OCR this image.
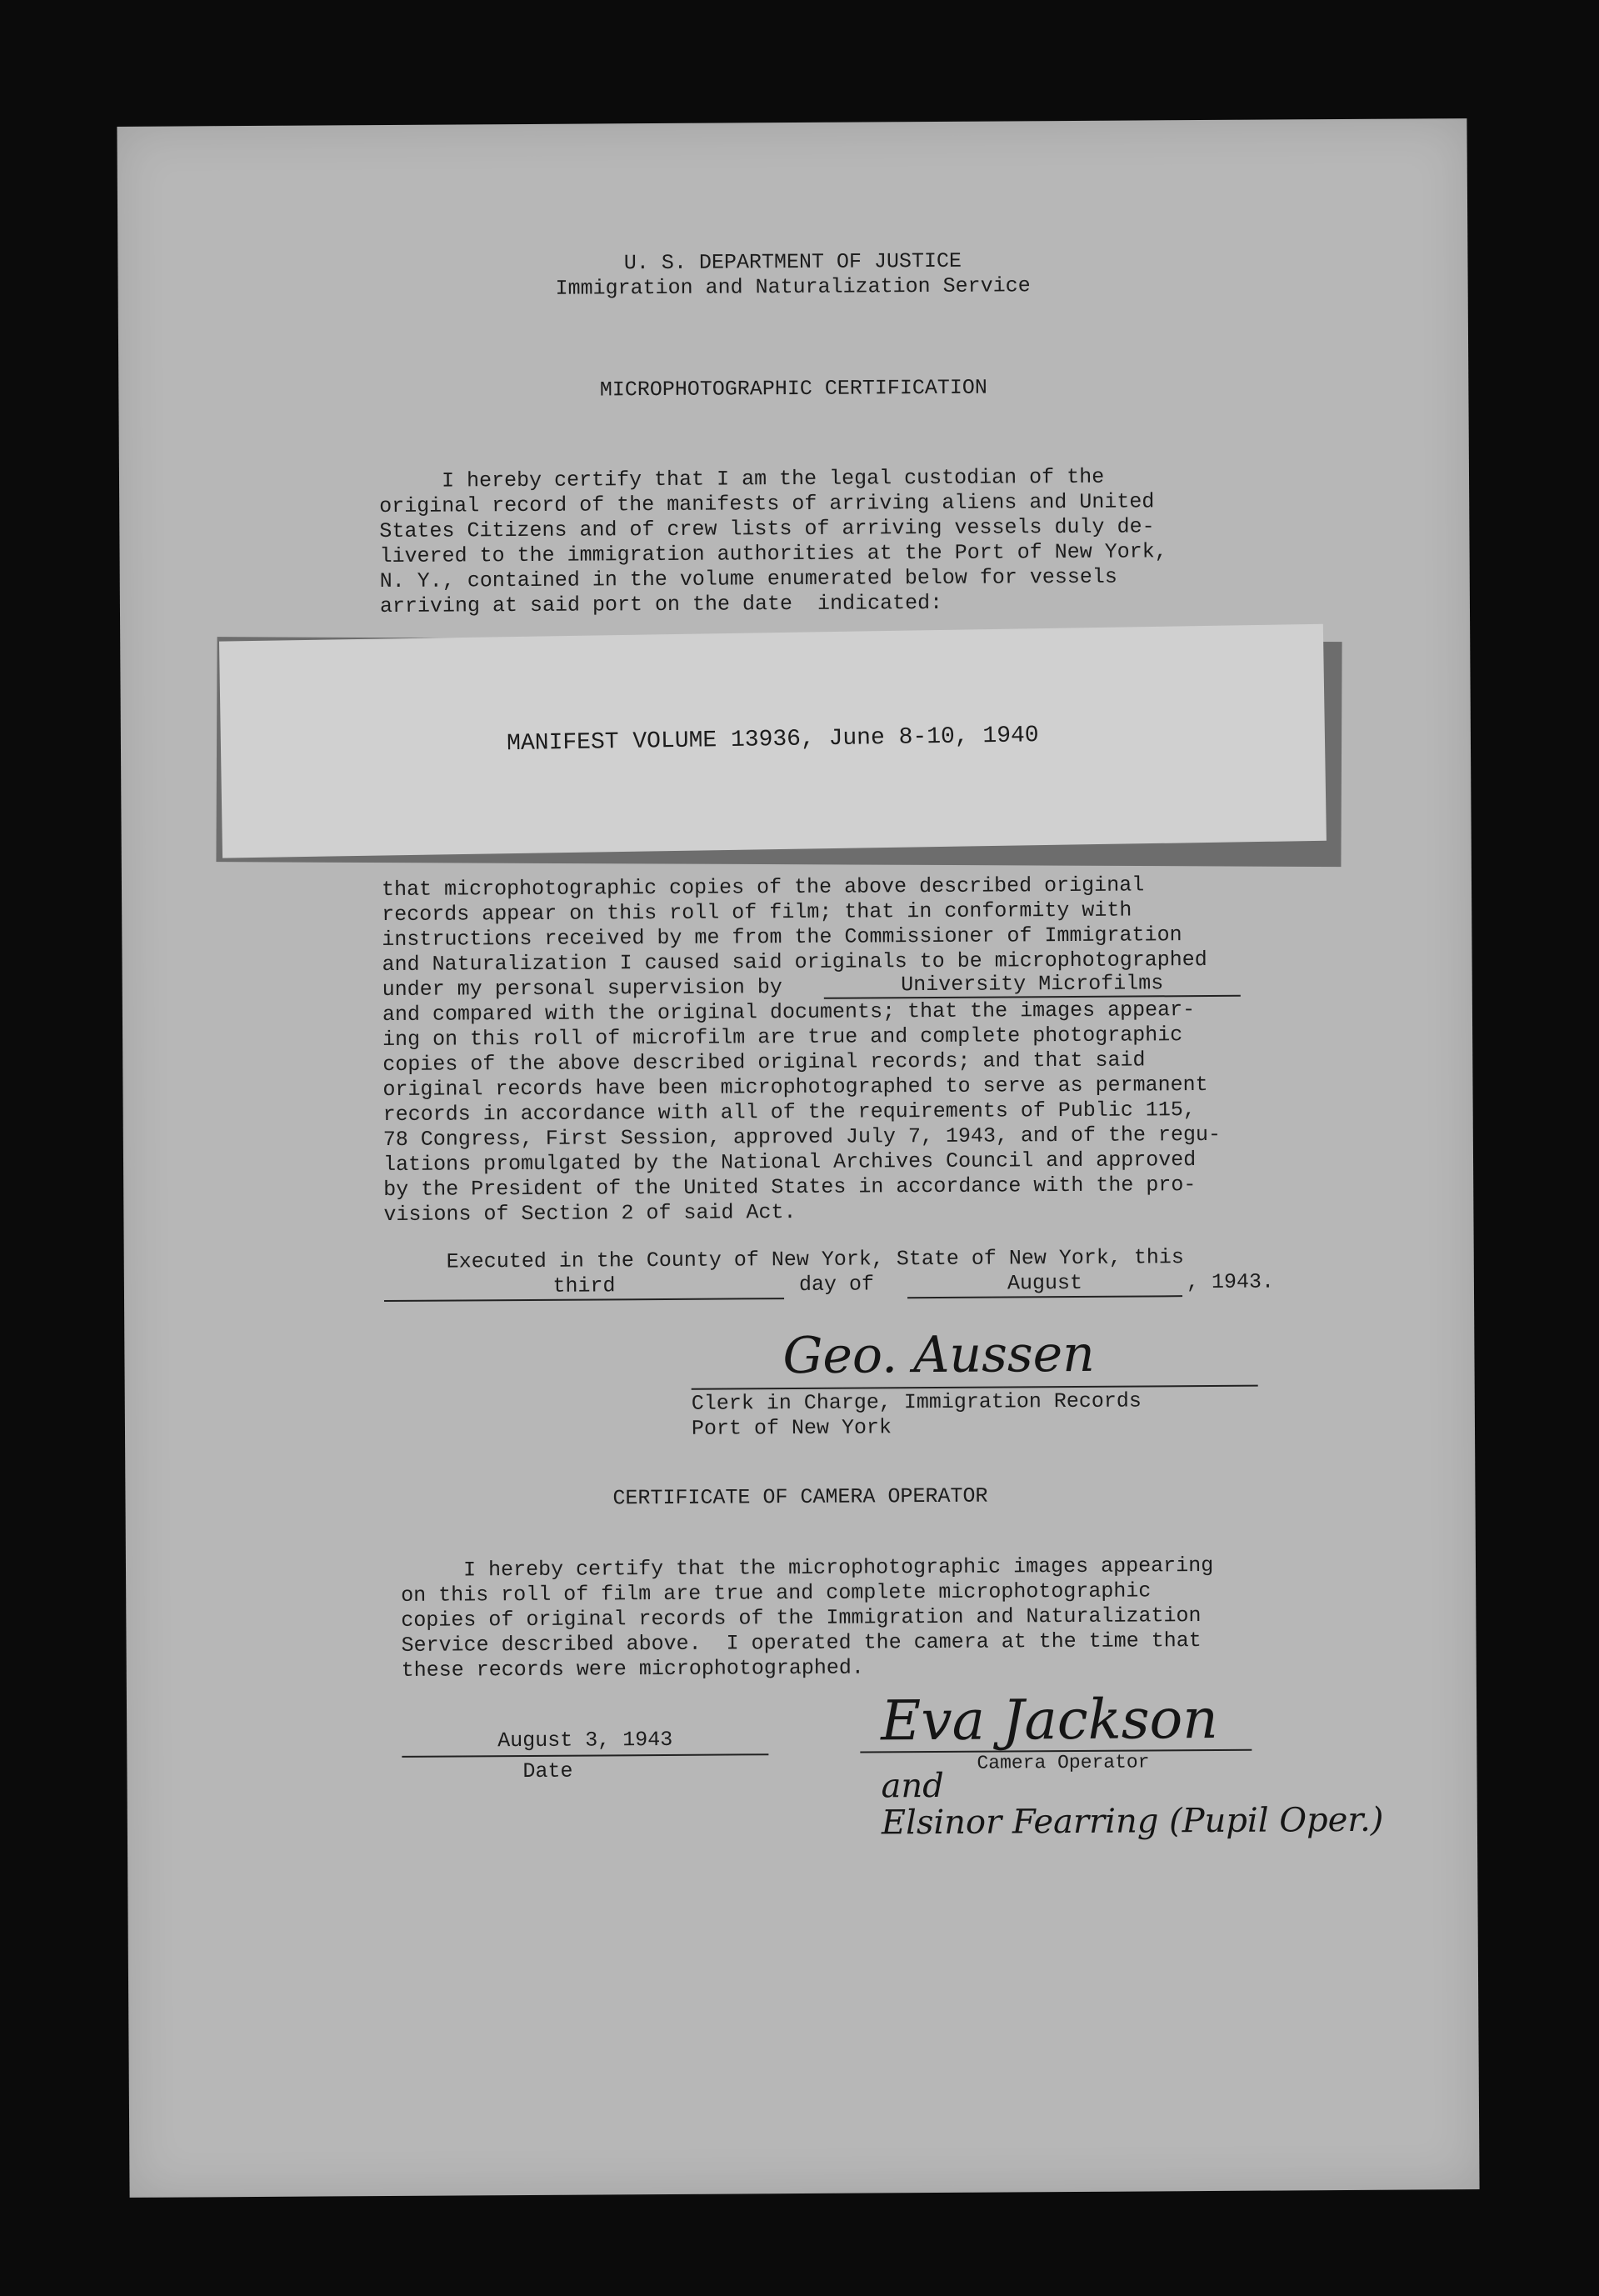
U. S. DEPARTMENT OF JUSTICE
Immigration and Naturalization Service
MICROPHOTOGRAPHIC CERTIFICATION
I hereby certify that I am the legal custodian of the
original record of the manifests of arriving aliens and United
States Citizens and of crew lists of arriving vessels duly de-
livered to the immigration authorities at the Port of New York,
N. Y., contained in the volume enumerated below for vessels
arriving at said port on the date  indicated:
MANIFEST VOLUME 13936, June 8-10, 1940
that microphotographic copies of the above described original
records appear on this roll of film; that in conformity with
instructions received by me from the Commissioner of Immigration
and Naturalization I caused said originals to be microphotographed
under my personal supervision by	University Microfilms
and compared with the original documents; that the images appear-
ing on this roll of microfilm are true and complete photographic
copies of the above described original records; and that said
original records have been microphotographed to serve as permanent
records in accordance with all of the requirements of Public 115,
78 Congress, First Session, approved July 7, 1943, and of the regu-
lations promulgated by the National Archives Council and approved
by the President of the United States in accordance with the pro-
visions of Section 2 of said Act.
Executed in the County of New York, State of New York, this
third	day of	August	, 1943.
Geo. Aussen
Clerk in Charge, Immigration Records
Port of New York
CERTIFICATE OF CAMERA OPERATOR
I hereby certify that the microphotographic images appearing
on this roll of film are true and complete microphotographic
copies of original records of the Immigration and Naturalization
Service described above.  I operated the camera at the time that
these records were microphotographed.
August 3, 1943
Date
Eva Jackson
Camera Operator
and
Elsinor Fearring (Pupil Oper.)
